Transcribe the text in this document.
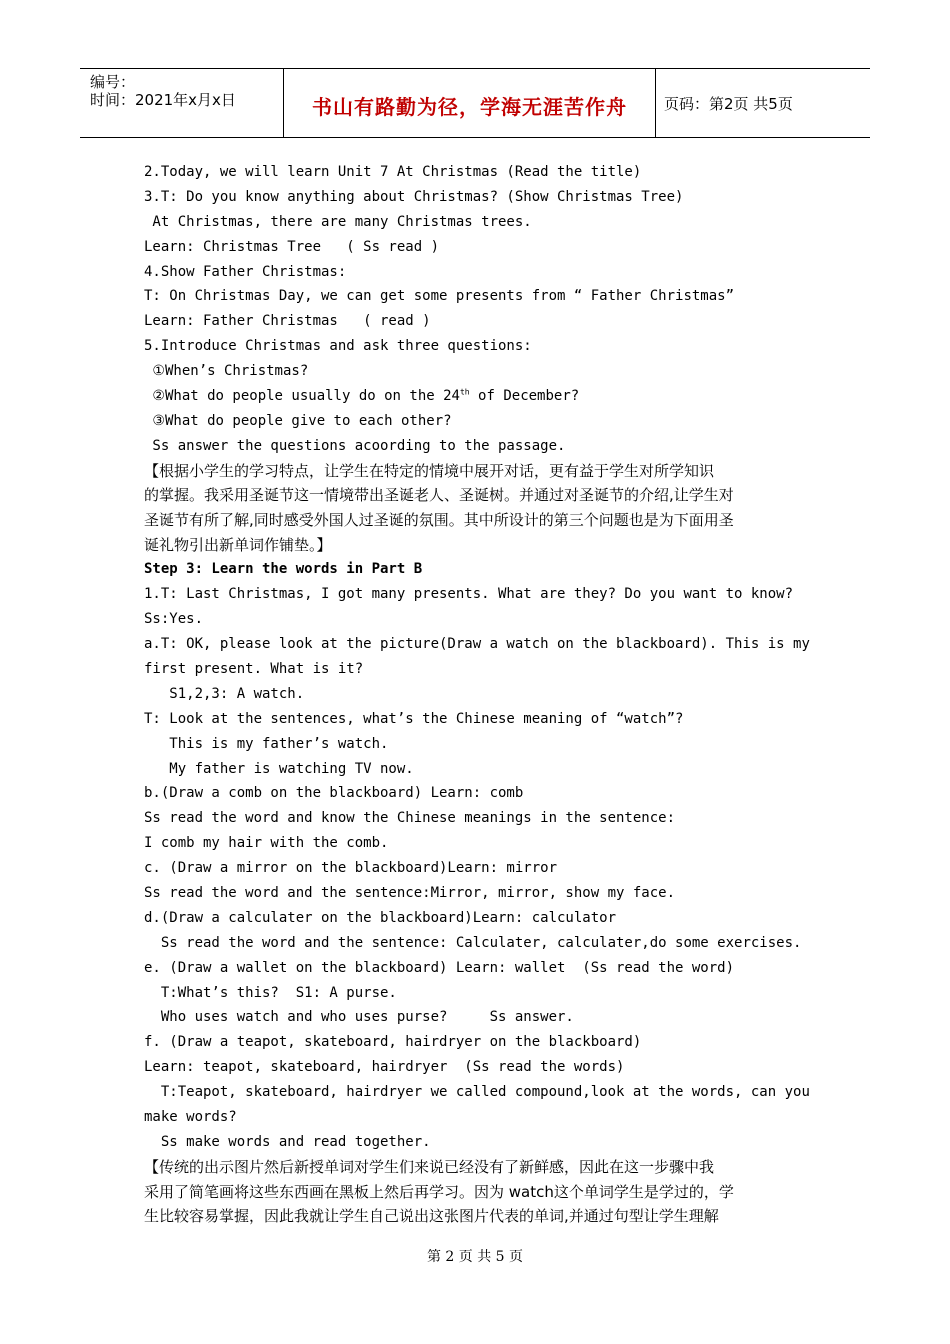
编号：
时间：2021年x月x日	书山有路勤为径，学海无涯苦作舟	页码：第2页 共5页
2.Today, we will learn Unit 7 At Christmas (Read the title)
3.T: Do you know anything about Christmas? (Show Christmas Tree)
At Christmas, there are many Christmas trees.
Learn: Christmas Tree   ( Ss read )
4.Show Father Christmas:
T: On Christmas Day, we can get some presents from “ Father Christmas”
Learn: Father Christmas   ( read )
5.Introduce Christmas and ask three questions:
①When’s Christmas?
②What do people usually do on the 24th of December?
③What do people give to each other?
Ss answer the questions acoording to the passage.
【根据小学生的学习特点，让学生在特定的情境中展开对话，更有益于学生对所学知识
的掌握。我采用圣诞节这一情境带出圣诞老人、圣诞树。并通过对圣诞节的介绍,让学生对
圣诞节有所了解,同时感受外国人过圣诞的氛围。其中所设计的第三个问题也是为下面用圣
诞礼物引出新单词作铺垫。】
Step 3: Learn the words in Part B
1.T: Last Christmas, I got many presents. What are they? Do you want to know?
Ss:Yes.
a.T: OK, please look at the picture(Draw a watch on the blackboard). This is my
first present. What is it?
S1,2,3: A watch.
T: Look at the sentences, what’s the Chinese meaning of “watch”?
This is my father’s watch.
My father is watching TV now.
b.(Draw a comb on the blackboard) Learn: comb
Ss read the word and know the Chinese meanings in the sentence:
I comb my hair with the comb.
c. (Draw a mirror on the blackboard)Learn: mirror
Ss read the word and the sentence:Mirror, mirror, show my face.
d.(Draw a calculater on the blackboard)Learn: calculator
Ss read the word and the sentence: Calculater, calculater,do some exercises.
e. (Draw a wallet on the blackboard) Learn: wallet  (Ss read the word)
T:What’s this?  S1: A purse.
Who uses watch and who uses purse?     Ss answer.
f. (Draw a teapot, skateboard, hairdryer on the blackboard)
Learn: teapot, skateboard, hairdryer  (Ss read the words)
T:Teapot, skateboard, hairdryer we called compound,look at the words, can you
make words?
Ss make words and read together.
【传统的出示图片然后新授单词对学生们来说已经没有了新鲜感，因此在这一步骤中我
采用了简笔画将这些东西画在黑板上然后再学习。因为 watch这个单词学生是学过的，学
生比较容易掌握，因此我就让学生自己说出这张图片代表的单词,并通过句型让学生理解
第 2 页 共 5 页
